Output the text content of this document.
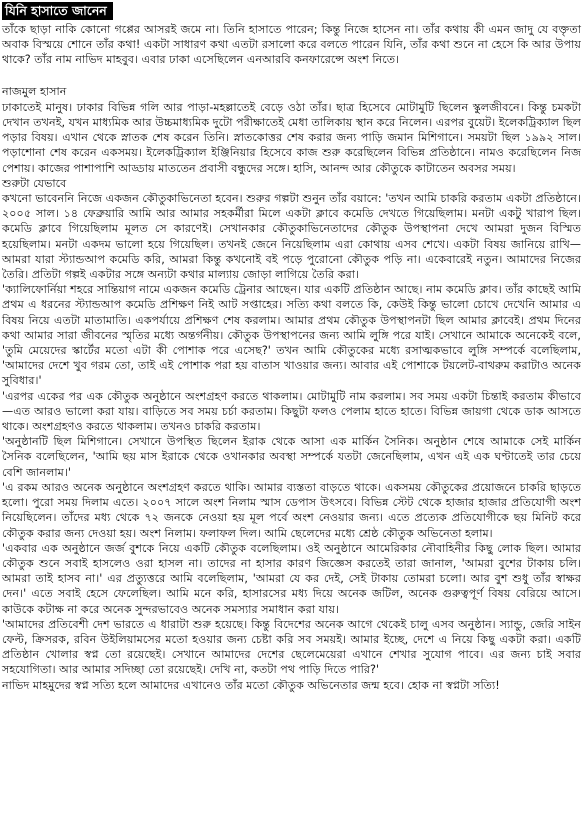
যিনি হাসাতে জানেন

তাঁকে ছাড়া নাকি কোনো গপ্পের আসরই জমে না। তিনি হাসাতে পারেন; কিন্তু নিজে হাসেন না। তাঁর কথায় কী এমন জাদু যে বক্তৃতা অবাক বিস্ময়ে শোনে তাঁর কথা! একটা সাধারণ কথা এতটা রসালো করে বলতে পারেন যিনি, তাঁর কথা শুনে না হেসে কি আর উপায় থাকে? তাঁর নাম নাভিদ মাহবুব। এবার ঢাকা এসেছিলেন এনআরবি কনফারেন্সে অংশ নিতে।

নাজমুল হাসান

ঢাকাতেই মানুষ। ঢাকার বিভিন্ন গলি আর পাড়া-মহল্লাতেই বেড়ে ওঠা তাঁর। ছাত্র হিসেবে মোটামুটি ছিলেন স্কুলজীবনে। কিন্তু চমকটা দেখান তখনই, যখন মাধ্যমিক আর উচ্চমাধ্যমিক দুটো পরীক্ষাতেই মেধা তালিকায় স্থান করে নিলেন। এরপর বুয়েট। ইলেকট্রিক্যাল ছিল পড়ার বিষয়। এখান থেকে স্নাতক শেষ করেন তিনি। স্নাতকোত্তর শেষ করার জন্য পাড়ি জমান মিশিগানে। সময়টা ছিল ১৯৯২ সাল। পড়াশোনা শেষ করেন একসময়। ইলেকট্রিক্যাল ইঞ্জিনিয়ার হিসেবে কাজ শুরু করেছিলেন বিভিন্ন প্রতিষ্ঠানে। নামও করেছিলেন নিজ পেশায়। কাজের পাশাপাশি আড্ডায় মাততেন প্রবাসী বন্ধুদের সঙ্গে। হাসি, আনন্দ আর কৌতুকে কাটাতেন অবসর সময়।

শুরুটা যেভাবে

কখনো ভাবেননি নিজে একজন কৌতুকাভিনেতা হবেন। শুরুর গল্পটা শুনুন তাঁর বয়ানে: 'তখন আমি চাকরি করতাম একটা প্রতিষ্ঠানে। ২০০৫ সাল। ১৪ ফেব্রুয়ারি আমি আর আমার সহকর্মীরা মিলে একটা ক্লাবে কমেডি দেখতে গিয়েছিলাম। মনটা একটু খারাপ ছিল। কমেডি ক্লাবে গিয়েছিলাম মূলত সে কারণেই। সেখানকার কৌতুকাভিনেতাদের কৌতুক উপস্থাপনা দেখে আমরা দুজন বিস্মিত হয়েছিলাম। মনটা একদম ভালো হয়ে গিয়েছিল। তখনই জেনে নিয়েছিলাম এরা কোথায় এসব শেখে। একটা বিষয় জানিয়ে রাখি—আমরা যারা স্ট্যান্ডআপ কমেডি করি, আমরা কিন্তু কখনোই বই পড়ে পুরোনো কৌতুক পড়ি না। একেবারেই নতুন। আমাদের নিজের তৈরি। প্রতিটা গল্পই একটার সঙ্গে অন্যটা কথার মাল্যায় জোড়া লাগিয়ে তৈরি করা।

'ক্যালিফোর্নিয়া শহরে সান্তিয়াগ নামে একজন কমেডি ট্রেনার আছেন। যার একটি প্রতিষ্ঠান আছে। নাম কমেডি ক্লাব। তাঁর কাছেই আমি প্রথম এ ধরনের স্ট্যান্ডআপ কমেডি প্রশিক্ষণ নিই আট সপ্তাহের। সত্যি কথা বলতে কি, কেউই কিন্তু ভালো চোখে দেখেনি আমার এ বিষয় নিয়ে এতটা মাতামাতি। একপর্যায়ে প্রশিক্ষণ শেষ করলাম। আমার প্রথম কৌতুক উপস্থাপনটা ছিল আমার ক্লাবেই। প্রথম দিনের কথা আমার সারা জীবনের স্মৃতির মধ্যে অন্তর্গনীয়। কৌতুক উপস্থাপনের জন্য আমি লুঙ্গি পরে যাই। সেখানে আমাকে অনেকেই বলে, 'তুমি মেয়েদের স্কার্টের মতো এটা কী পোশাক পরে এসেছ?' তখন আমি কৌতুকের মধ্যে রসাত্মকভাবে লুঙ্গি সম্পর্কে বলেছিলাম, 'আমাদের দেশে খুব গরম তো, তাই এই পোশাক পরা হয় বাতাস খাওয়ার জন্য। আবার এই পোশাকে টয়লেট-বাথরুম করাটাও অনেক সুবিধার।'

'এরপর একের পর এক কৌতুক অনুষ্ঠানে অংশগ্রহণ করতে থাকলাম। মোটামুটি নাম করলাম। সব সময় একটা চিন্তাই করতাম কীভাবে—এত আরও ভালো করা যায়। বাড়িতে সব সময় চর্চা করতাম। কিছুটা ফলও পেলাম হাতে হাতে। বিভিন্ন জায়গা থেকে ডাক আসতে থাকে। অংশগ্রহণও করতে থাকলাম। তখনও চাকরি করতাম।

'অনুষ্ঠানটি ছিল মিশিগানে। সেখানে উপস্থিত ছিলেন ইরাক থেকে আসা এক মার্কিন সৈনিক। অনুষ্ঠান শেষে আমাকে সেই মার্কিন সৈনিক বলেছিলেন, 'আমি ছয় মাস ইরাকে থেকে ওখানকার অবস্থা সম্পর্কে যতটা জেনেছিলাম, এখন এই এক ঘণ্টাতেই তার চেয়ে বেশি জানলাম।'

'এ রকম আরও অনেক অনুষ্ঠানে অংশগ্রহণ করতে থাকি। আমার ব্যস্ততা বাড়তে থাকে। একসময় কৌতুকের প্রয়োজনে চাকরি ছাড়তে হলো। পুরো সময় দিলাম এতে। ২০০৭ সালে অংশ নিলাম স্মাস ডেপাস উৎসবে। বিভিন্ন স্টেট থেকে হাজার হাজার প্রতিযোগী অংশ নিয়েছিলেন। তাঁদের মধ্য থেকে ৭২ জনকে নেওয়া হয় মূল পর্বে অংশ নেওয়ার জন্য। এতে প্রত্যেক প্রতিযোগীকে ছয় মিনিট করে কৌতুক করার জন্য দেওয়া হয়। অংশ নিলাম। ফলাফল দিল। আমি ছেলেদের মধ্যে শ্রেষ্ঠ কৌতুক অভিনেতা হলাম।

'একবার এক অনুষ্ঠানে জর্জ বুশকে নিয়ে একটি কৌতুক বলেছিলাম। ওই অনুষ্ঠানে আমেরিকার নৌবাহিনীর কিছু লোক ছিল। আমার কৌতুক শুনে সবাই হাসলেও ওরা হাসল না। তাদের না হাসার কারণ জিজ্ঞেস করতেই তারা জানাল, 'আমরা বুশের টাকায় চলি। আমরা তাই হাসব না।' এর প্রত্যুত্তরে আমি বলেছিলাম, 'আমরা যে কর দেই, সেই টাকায় তোমরা চলো। আর বুশ শুধু তাঁর স্বাক্ষর দেন।' এতে সবাই হেসে ফেলেছিল। আমি মনে করি, হাসারসের মধ্য দিয়ে অনেক জটিল, অনেক গুরুত্বপূর্ণ বিষয় বেরিয়ে আসে। কাউকে কটাক্ষ না করে অনেক সুন্দরভাবেও অনেক সমস্যার সমাধান করা যায়।

'আমাদের প্রতিবেশী দেশ ভারতে এ ধারাটা শুরু হয়েছে। কিন্তু বিদেশের অনেক আগে থেকেই চালু এসব অনুষ্ঠান। স্যান্ডু, জেরি সাইন ফেল্ট, ক্রিসরক, রবিন উইলিয়ামসের মতো হওয়ার জন্য চেষ্টা করি সব সময়ই। আমার ইচ্ছে, দেশে এ নিয়ে কিছু একটা করা। একটি প্রতিষ্ঠান খোলার স্বপ্ন তো রয়েছেই। সেখানে আমাদের দেশের ছেলেমেয়েরা এখানে শেখার সুযোগ পাবে। এর জন্য চাই সবার সহযোগিতা। আর আমার সদিচ্ছা তো রয়েছেই। দেখি না, কতটা পথ পাড়ি দিতে পারি?'

নাভিদ মাহমুদের স্বপ্ন সত্যি হলে আমাদের এখানেও তাঁর মতো কৌতুক অভিনেতার জন্ম হবে। হোক না স্বপ্নটা সত্যি!
